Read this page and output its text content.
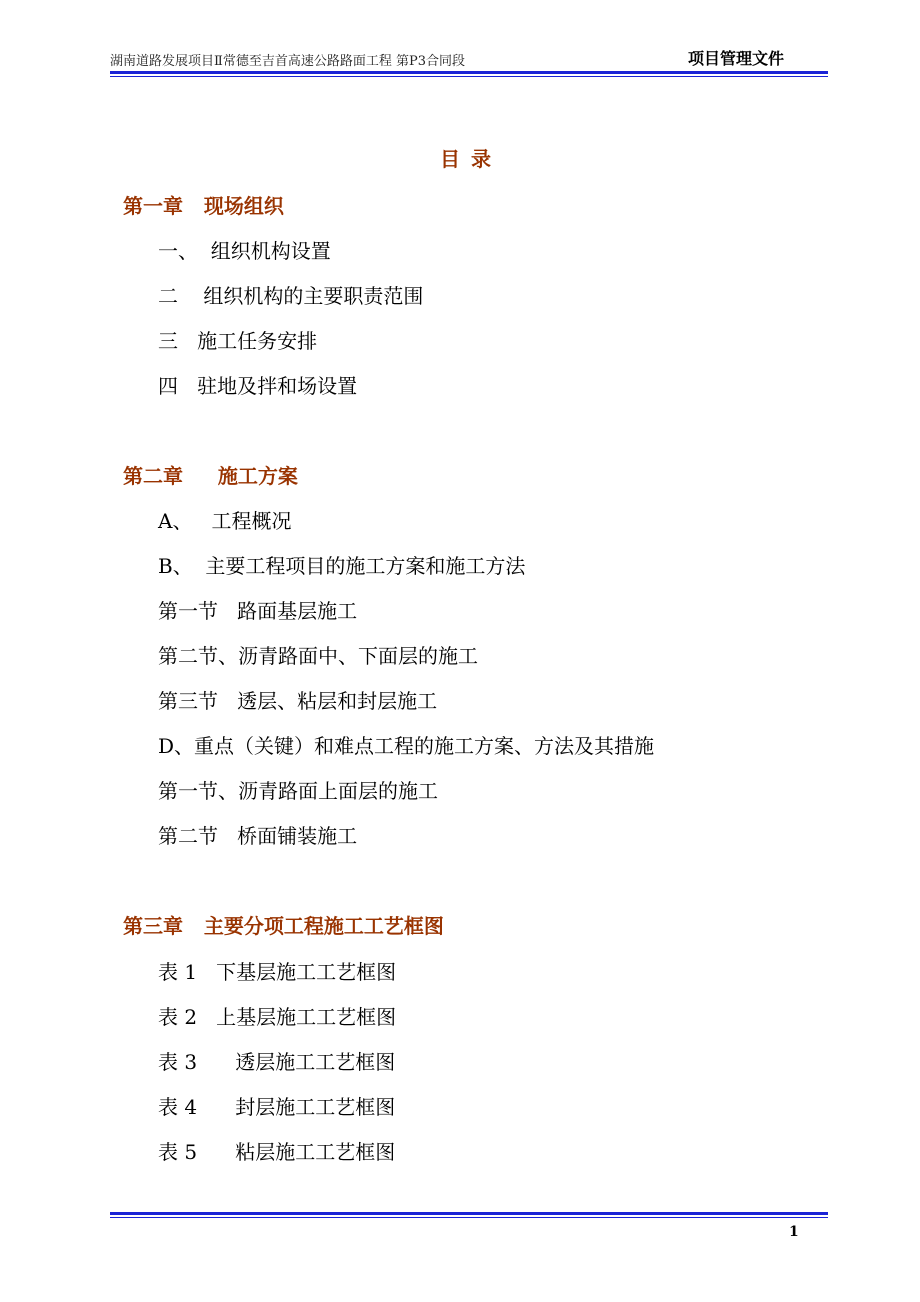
湖南道路发展项目Ⅱ常德至吉首高速公路路面工程 第P3合同段	项目管理文件
目 录
第一章   现场组织
一、  组织机构设置
二    组织机构的主要职责范围
三   施工任务安排
四   驻地及拌和场设置
第二章     施工方案
A、   工程概况
B、  主要工程项目的施工方案和施工方法
第一节   路面基层施工
第二节、沥青路面中、下面层的施工
第三节   透层、粘层和封层施工
D、重点（关键）和难点工程的施工方案、方法及其措施
第一节、沥青路面上面层的施工
第二节   桥面铺装施工
第三章   主要分项工程施工工艺框图
表 1   下基层施工工艺框图
表 2   上基层施工工艺框图
表 3      透层施工工艺框图
表 4      封层施工工艺框图
表 5      粘层施工工艺框图
1
